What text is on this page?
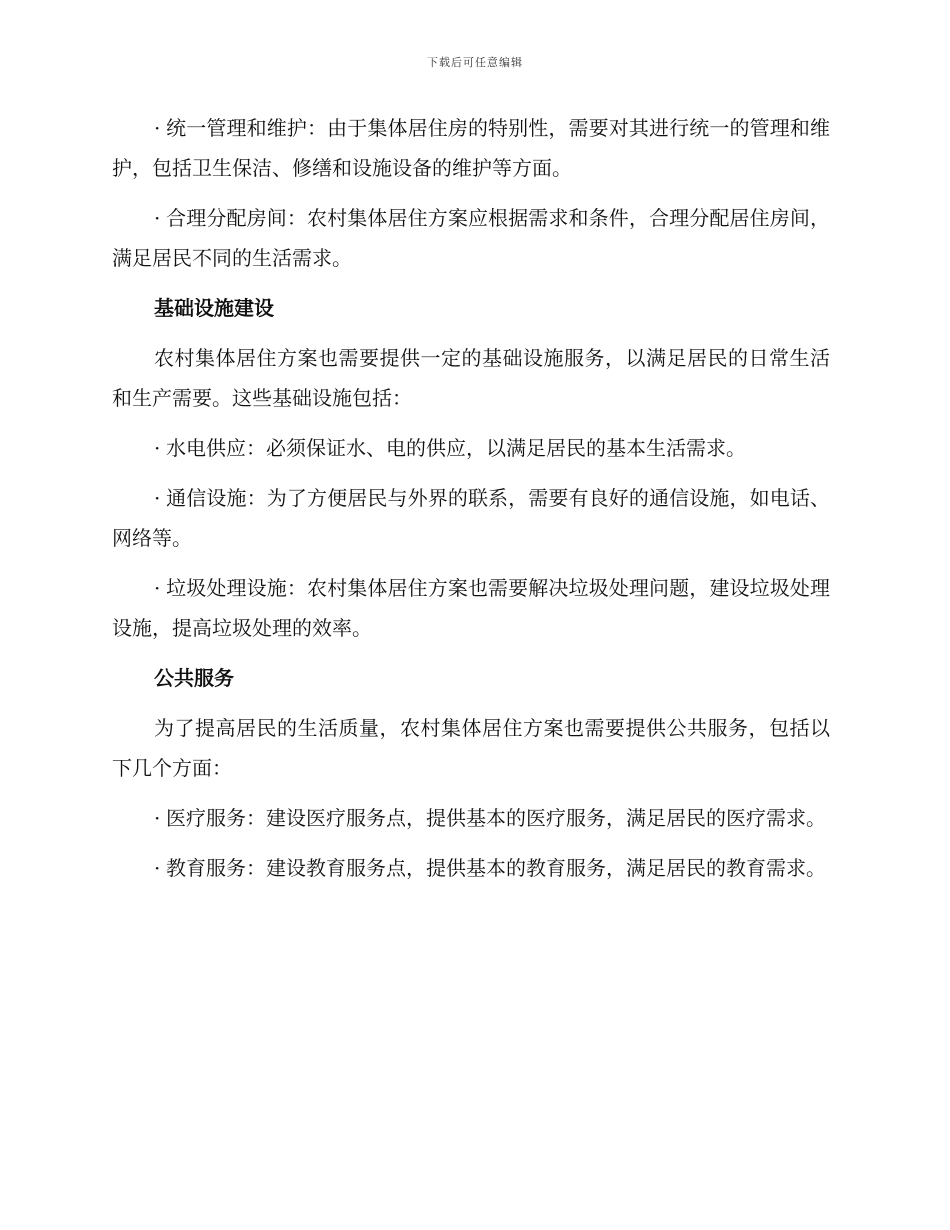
下载后可任意编辑

· 统一管理和维护：由于集体居住房的特别性，需要对其进行统一的管理和维护，包括卫生保洁、修缮和设施设备的维护等方面。

· 合理分配房间：农村集体居住方案应根据需求和条件，合理分配居住房间，满足居民不同的生活需求。

基础设施建设

农村集体居住方案也需要提供一定的基础设施服务，以满足居民的日常生活和生产需要。这些基础设施包括：

· 水电供应：必须保证水、电的供应，以满足居民的基本生活需求。

· 通信设施：为了方便居民与外界的联系，需要有良好的通信设施，如电话、网络等。

· 垃圾处理设施：农村集体居住方案也需要解决垃圾处理问题，建设垃圾处理设施，提高垃圾处理的效率。

公共服务

为了提高居民的生活质量，农村集体居住方案也需要提供公共服务，包括以下几个方面：

· 医疗服务：建设医疗服务点，提供基本的医疗服务，满足居民的医疗需求。

· 教育服务：建设教育服务点，提供基本的教育服务，满足居民的教育需求。
